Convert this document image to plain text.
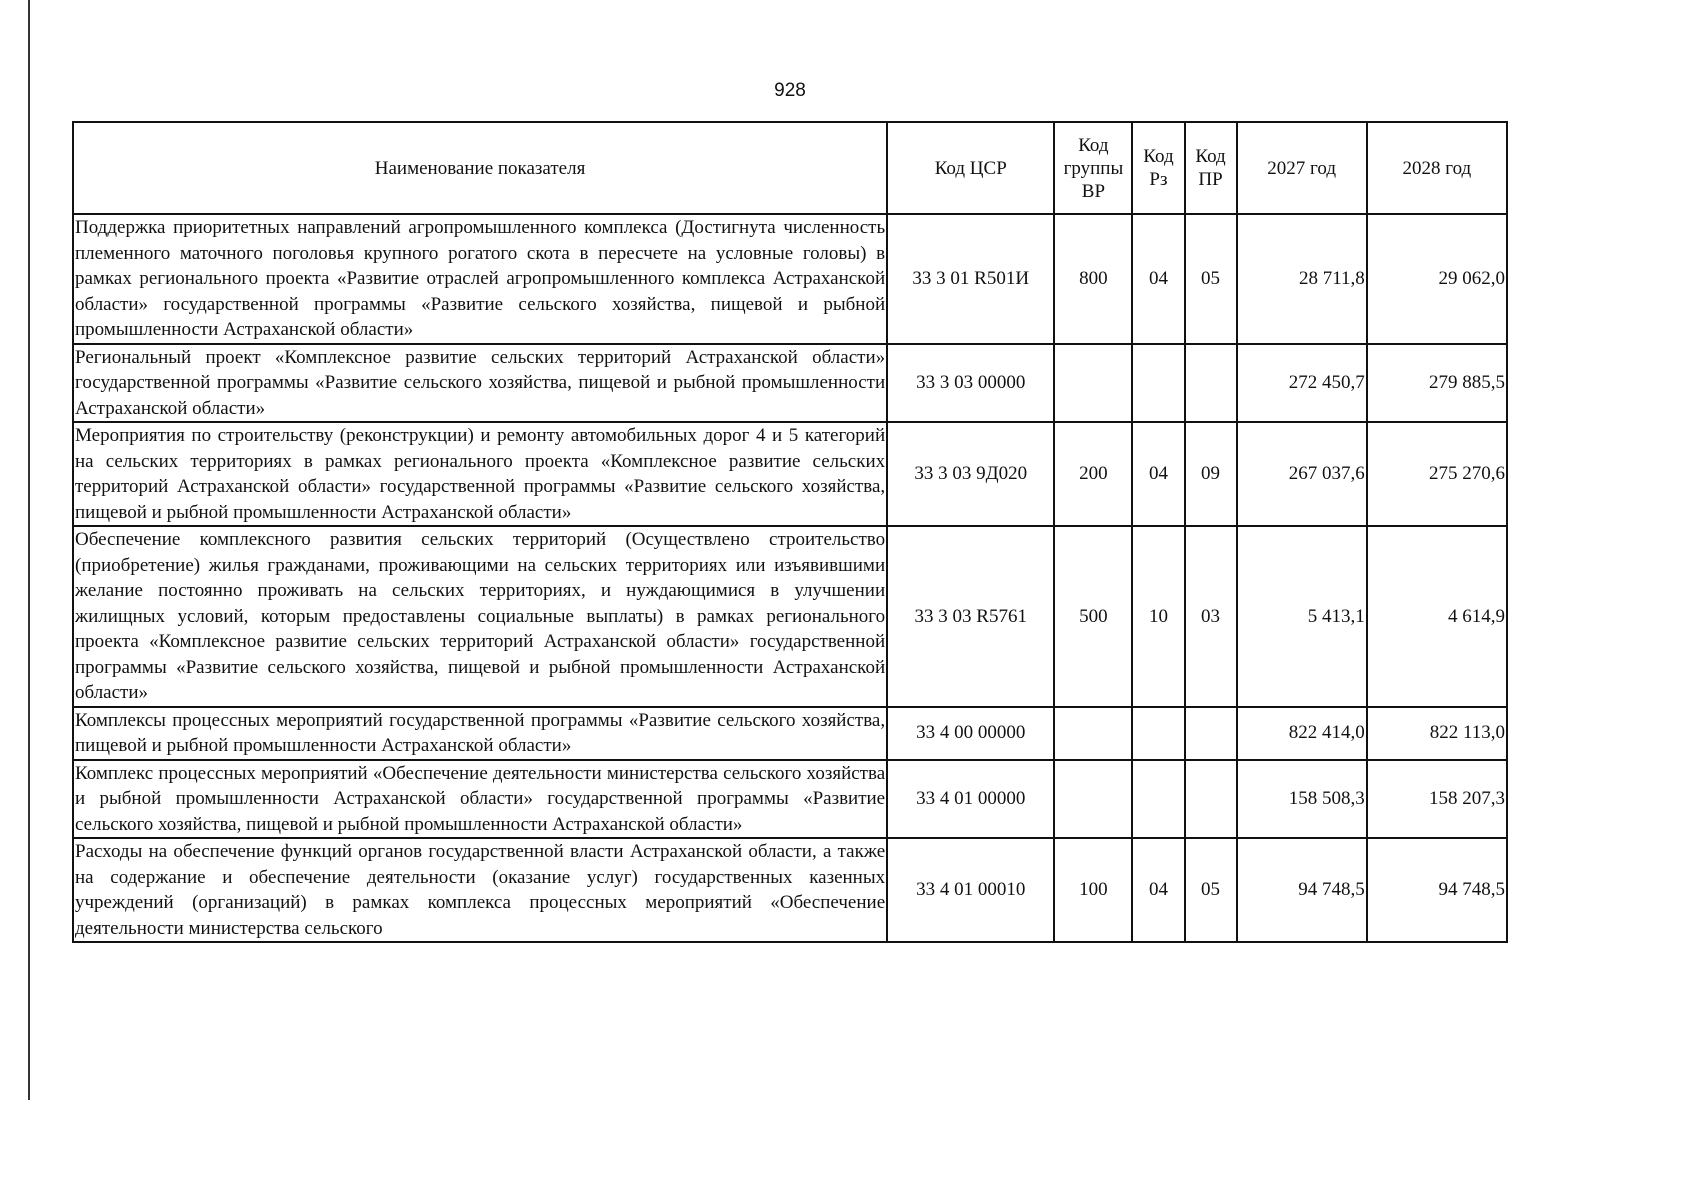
928
Наименование показателя	Код ЦСР	Код группы ВР	Код Рз	Код ПР	2027 год	2028 год
Поддержка приоритетных направлений агропромышленного комплекса (Достигнута численность племенного маточного поголовья крупного рогатого скота в пересчете на условные головы) в рамках регионального проекта «Развитие отраслей агропромышленного комплекса Астраханской области» государственной программы «Развитие сельского хозяйства, пищевой и рыбной промышленности Астраханской области»	33 3 01 R501И	800	04	05	28 711,8	29 062,0
Региональный проект «Комплексное развитие сельских территорий Астраханской области» государственной программы «Развитие сельского хозяйства, пищевой и рыбной промышленности Астраханской области»	33 3 03 00000				272 450,7	279 885,5
Мероприятия по строительству (реконструкции) и ремонту автомобильных дорог 4 и 5 категорий на сельских территориях в рамках регионального проекта «Комплексное развитие сельских территорий Астраханской области» государственной программы «Развитие сельского хозяйства, пищевой и рыбной промышленности Астраханской области»	33 3 03 9Д020	200	04	09	267 037,6	275 270,6
Обеспечение комплексного развития сельских территорий (Осуществлено строительство (приобретение) жилья гражданами, проживающими на сельских территориях или изъявившими желание постоянно проживать на сельских территориях, и нуждающимися в улучшении жилищных условий, которым предоставлены социальные выплаты) в рамках регионального проекта «Комплексное развитие сельских территорий Астраханской области» государственной программы «Развитие сельского хозяйства, пищевой и рыбной промышленности Астраханской области»	33 3 03 R5761	500	10	03	5 413,1	4 614,9
Комплексы процессных мероприятий государственной программы «Развитие сельского хозяйства, пищевой и рыбной промышленности Астраханской области»	33 4 00 00000				822 414,0	822 113,0
Комплекс процессных мероприятий «Обеспечение деятельности министерства сельского хозяйства и рыбной промышленности Астраханской области» государственной программы «Развитие сельского хозяйства, пищевой и рыбной промышленности Астраханской области»	33 4 01 00000				158 508,3	158 207,3
Расходы на обеспечение функций органов государственной власти Астраханской области, а также на содержание и обеспечение деятельности (оказание услуг) государственных казенных учреждений (организаций) в рамках комплекса процессных мероприятий «Обеспечение деятельности министерства сельского	33 4 01 00010	100	04	05	94 748,5	94 748,5
